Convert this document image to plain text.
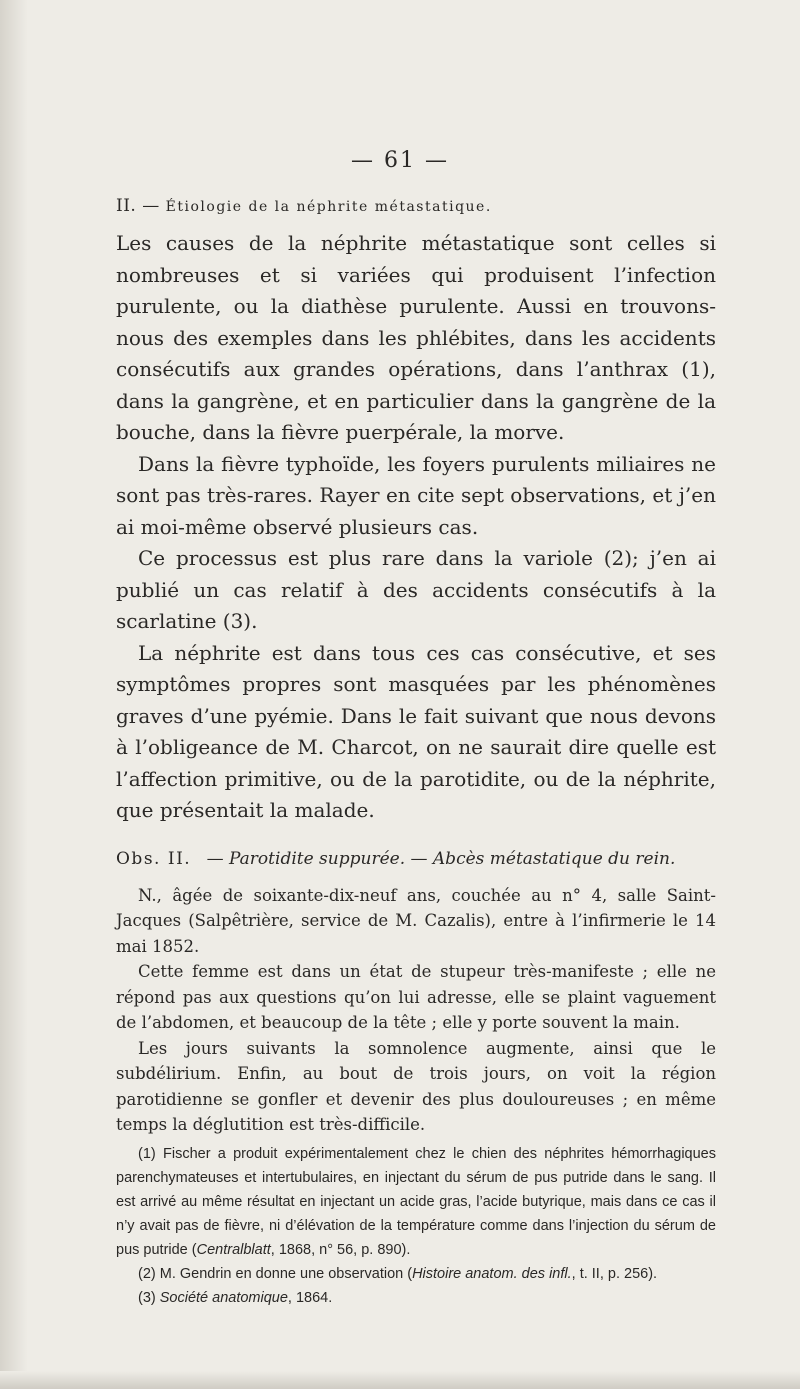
— 61 —
II. — Étiologie de la néphrite métastatique.

Les causes de la néphrite métastatique sont celles si nombreuses et si variées qui produisent l’infection purulente, ou la diathèse purulente. Aussi en trouvons-nous des exemples dans les phlébites, dans les accidents consécutifs aux grandes opérations, dans l’anthrax (1), dans la gangrène, et en particulier dans la gangrène de la bouche, dans la fièvre puerpérale, la morve.

Dans la fièvre typhoïde, les foyers purulents miliaires ne sont pas très-rares. Rayer en cite sept observations, et j’en ai moi-même observé plusieurs cas.

Ce processus est plus rare dans la variole (2); j’en ai publié un cas relatif à des accidents consécutifs à la scarlatine (3).

La néphrite est dans tous ces cas consécutive, et ses symptômes propres sont masquées par les phénomènes graves d’une pyémie. Dans le fait suivant que nous devons à l’obligeance de M. Charcot, on ne saurait dire quelle est l’affection primitive, ou de la parotidite, ou de la néphrite, que présentait la malade.

Obs. II. — Parotidite suppurée. — Abcès métastatique du rein.

N., âgée de soixante-dix-neuf ans, couchée au n° 4, salle Saint-Jacques (Salpêtrière, service de M. Cazalis), entre à l’infirmerie le 14 mai 1852.

Cette femme est dans un état de stupeur très-manifeste ; elle ne répond pas aux questions qu’on lui adresse, elle se plaint vaguement de l’abdomen, et beaucoup de la tête ; elle y porte souvent la main.

Les jours suivants la somnolence augmente, ainsi que le subdélirium. Enfin, au bout de trois jours, on voit la région parotidienne se gonfler et devenir des plus douloureuses ; en même temps la déglutition est très-difficile.

(1) Fischer a produit expérimentalement chez le chien des néphrites hémorrhagiques parenchymateuses et intertubulaires, en injectant du sérum de pus putride dans le sang. Il est arrivé au même résultat en injectant un acide gras, l’acide butyrique, mais dans ce cas il n’y avait pas de fièvre, ni d’élévation de la température comme dans l’injection du sérum de pus putride (Centralblatt, 1868, n° 56, p. 890).

(2) M. Gendrin en donne une observation (Histoire anatom. des infl., t. II, p. 256).

(3) Société anatomique, 1864.
